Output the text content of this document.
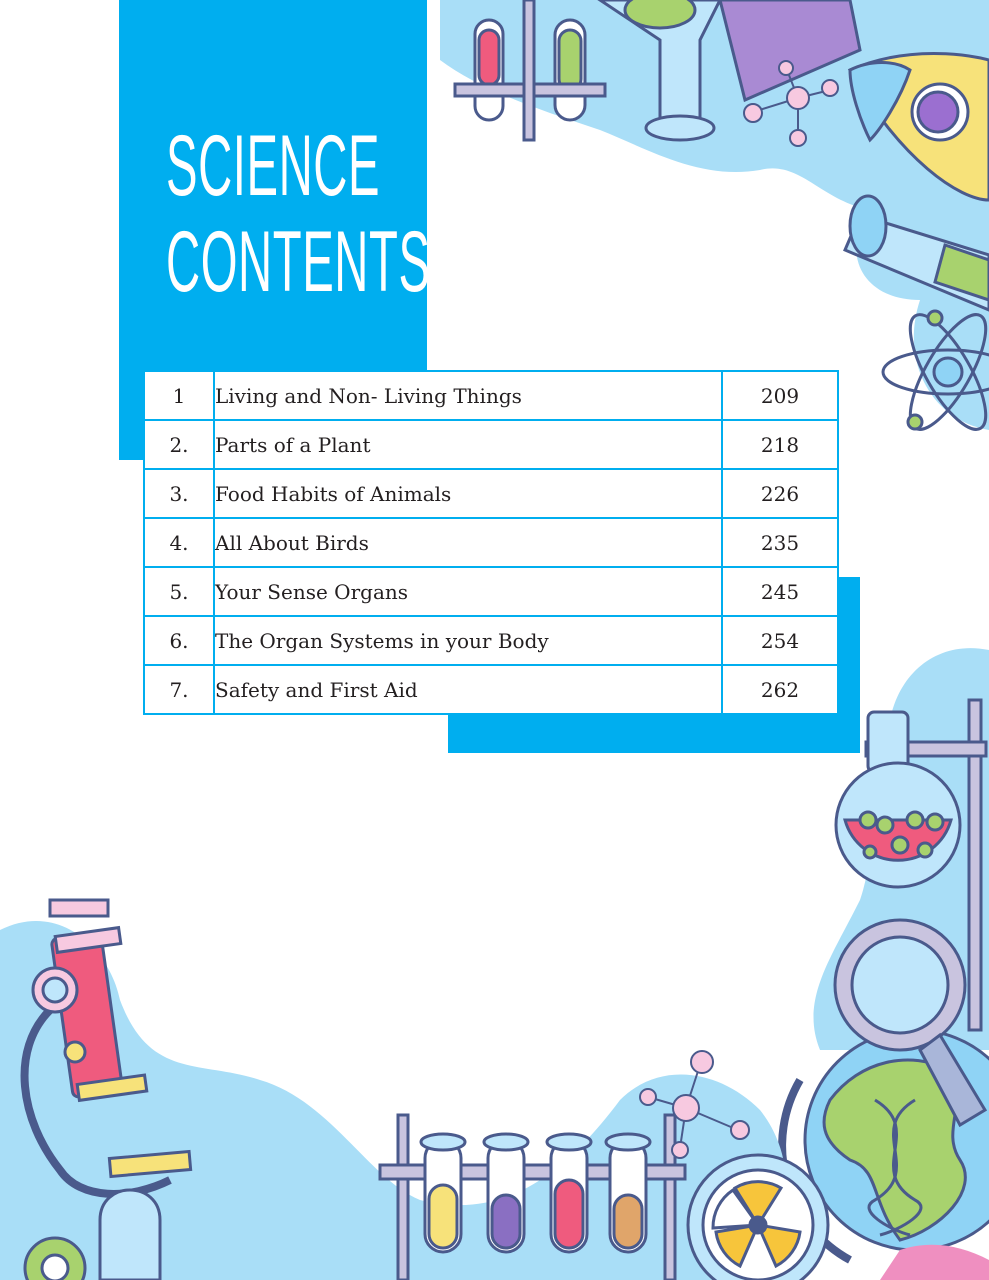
SCIENCE
CONTENTS
1	Living and Non- Living Things	209
2.	Parts of a Plant	218
3.	Food Habits of Animals	226
4.	All About Birds	235
5.	Your Sense Organs	245
6.	The Organ Systems in your Body	254
7.	Safety and First Aid	262
